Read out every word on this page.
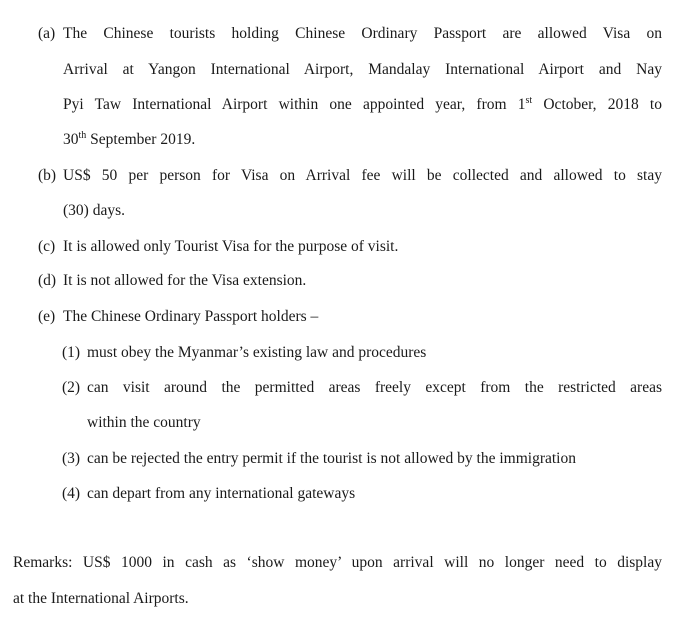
(a) The Chinese tourists holding Chinese Ordinary Passport are allowed Visa on
Arrival at Yangon International Airport, Mandalay International Airport and Nay
Pyi Taw International Airport within one appointed year, from 1st October, 2018 to
30th September 2019.
(b) US$ 50 per person for Visa on Arrival fee will be collected and allowed to stay
(30) days.
(c) It is allowed only Tourist Visa for the purpose of visit.
(d) It is not allowed for the Visa extension.
(e) The Chinese Ordinary Passport holders –
(1) must obey the Myanmar’s existing law and procedures
(2) can visit around the permitted areas freely except from the restricted areas
within the country
(3) can be rejected the entry permit if the tourist is not allowed by the immigration
(4) can depart from any international gateways
Remarks: US$ 1000 in cash as ‘show money’ upon arrival will no longer need to display
at the International Airports.
